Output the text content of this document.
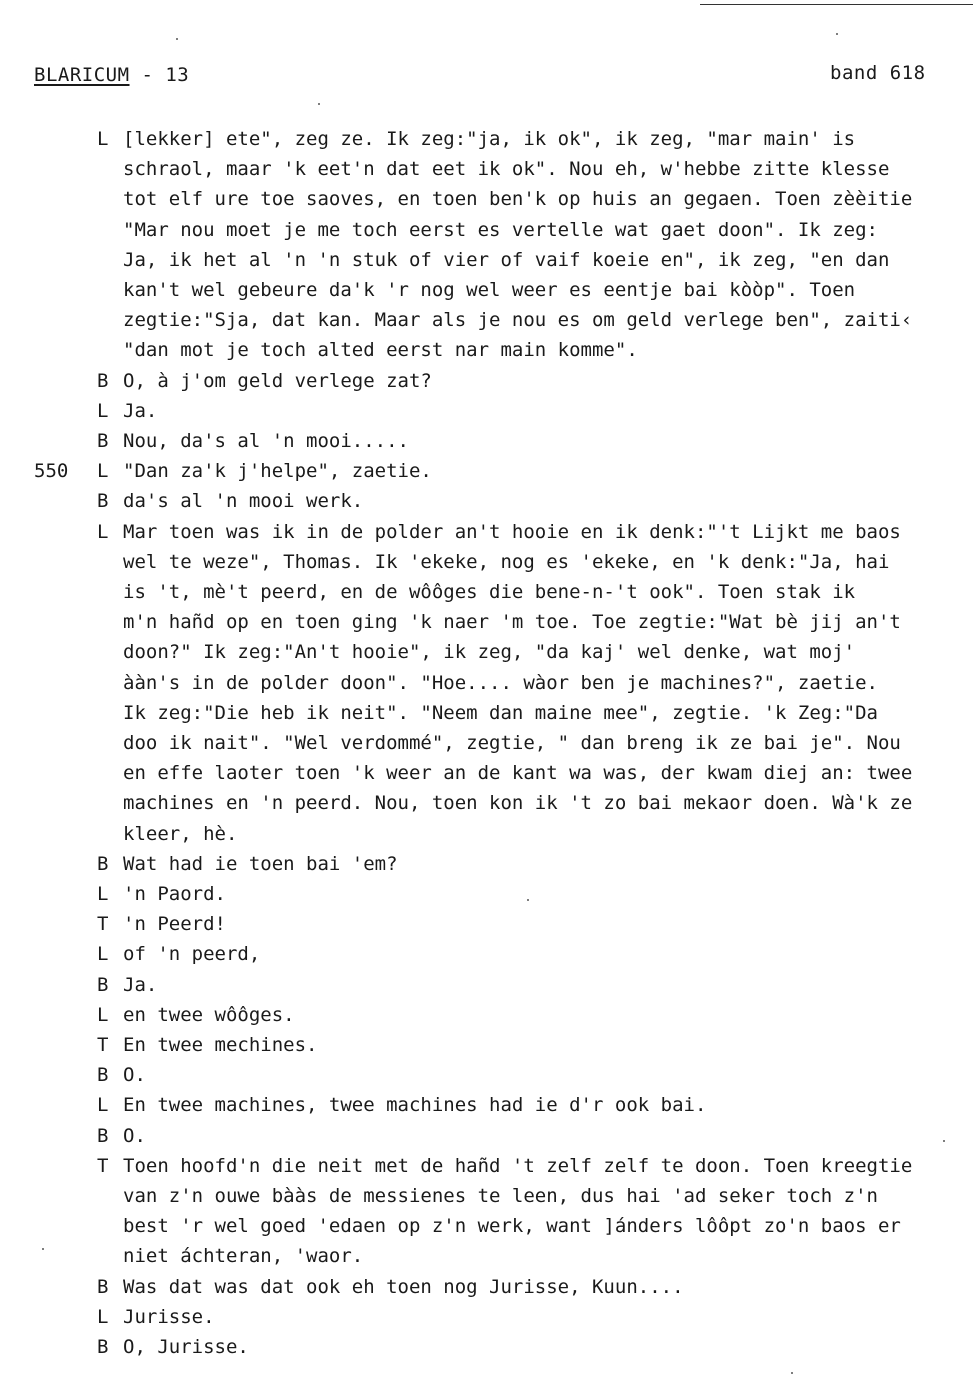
BLARICUM - 13	band 618
L [lekker] ete", zeg ze. Ik zeg:"ja, ik ok", ik zeg, "mar main' is
schraol, maar 'k eet'n dat eet ik ok". Nou eh, w'hebbe zitte klesse
tot elf ure toe saoves, en toen ben'k op huis an gegaen. Toen zèèitie
"Mar nou moet je me toch eerst es vertelle wat gaet doon". Ik zeg:
Ja, ik het al 'n 'n stuk of vier of vaif koeie en", ik zeg, "en dan
kan't wel gebeure da'k 'r nog wel weer es eentje bai kòòp". Toen
zegtie:"Sja, dat kan. Maar als je nou es om geld verlege ben", zaiti‹
"dan mot je toch alted eerst nar main komme".
B O, à j'om geld verlege zat?
L Ja.
B Nou, da's al 'n mooi.....
550	L "Dan za'k j'helpe", zaetie.
B da's al 'n mooi werk.
L Mar toen was ik in de polder an't hooie en ik denk:"'t Lijkt me baos
wel te weze", Thomas. Ik 'ekeke, nog es 'ekeke, en 'k denk:"Ja, hai
is 't, mè't peerd, en de wôôges die bene-n-'t ook". Toen stak ik
m'n hañd op en toen ging 'k naer 'm toe. Toe zegtie:"Wat bè jij an't
doon?" Ik zeg:"An't hooie", ik zeg, "da kaj' wel denke, wat moj'
ààn's in de polder doon". "Hoe.... wàor ben je machines?", zaetie.
Ik zeg:"Die heb ik neit". "Neem dan maine mee", zegtie. 'k Zeg:"Da
doo ik nait". "Wel verdommé", zegtie, " dan breng ik ze bai je". Nou
en effe laoter toen 'k weer an de kant wa was, der kwam diej an: twee
machines en 'n peerd. Nou, toen kon ik 't zo bai mekaor doen. Wà'k ze
kleer, hè.
B Wat had ie toen bai 'em?
L 'n Paord.
T 'n Peerd!
L of 'n peerd,
B Ja.
L en twee wôôges.
T En twee mechines.
B O.
L En twee machines, twee machines had ie d'r ook bai.
B O.
T Toen hoofd'n die neit met de hañd 't zelf zelf te doon. Toen kreegtie
van z'n ouwe bààs de messienes te leen, dus hai 'ad seker toch z'n
best 'r wel goed 'edaen op z'n werk, want ]ánders lôôpt zo'n baos er
niet áchteran, 'waor.
B Was dat was dat ook eh toen nog Jurisse, Kuun....
L Jurisse.
B O, Jurisse.
